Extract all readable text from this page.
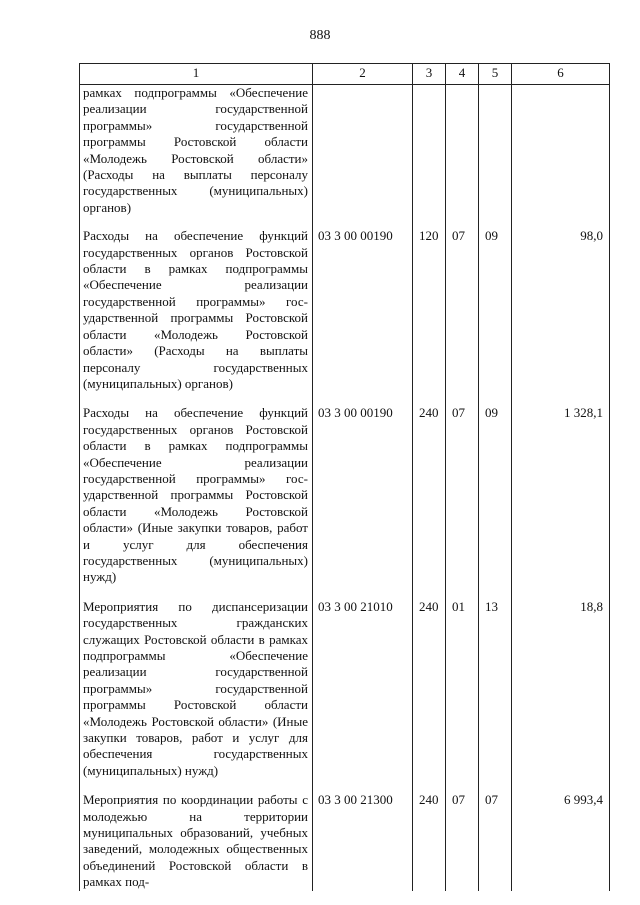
888
1	2	3	4	5	6
рамках подпрограммы «Обеспечение реализации государственной программы» государственной программы Ростовской области «Молодежь Ростовской области» (Расходы на выплаты персоналу государственных (муниципальных) органов)					
Расходы на обеспечение функций государственных органов Ростовской области в рамках подпрограммы «Обеспечение реализации государственной программы» государственной программы Ростовской области «Молодежь Ростовской области» (Расходы на выплаты персоналу государственных (муниципальных) органов)	03 3 00 00190	120	07	09	98,0
Расходы на обеспечение функций государственных органов Ростовской области в рамках подпрограммы «Обеспечение реализации государственной программы» государственной программы Ростовской области «Молодежь Ростовской области» (Иные закупки товаров, работ и услуг для обеспечения государственных (муниципальных) нужд)	03 3 00 00190	240	07	09	1 328,1
Мероприятия по диспансеризации государственных гражданских служащих Ростовской области в рамках подпрограммы «Обеспечение реализации государственной программы» государственной программы Ростовской области «Молодежь Ростовской области» (Иные закупки товаров, работ и услуг для обеспечения государственных (муниципальных) нужд)	03 3 00 21010	240	01	13	18,8
Мероприятия по координации работы с молодежью на территории муниципальных образований, учебных заведений, молодежных общественных объединений Ростовской области в рамках под-	03 3 00 21300	240	07	07	6 993,4
